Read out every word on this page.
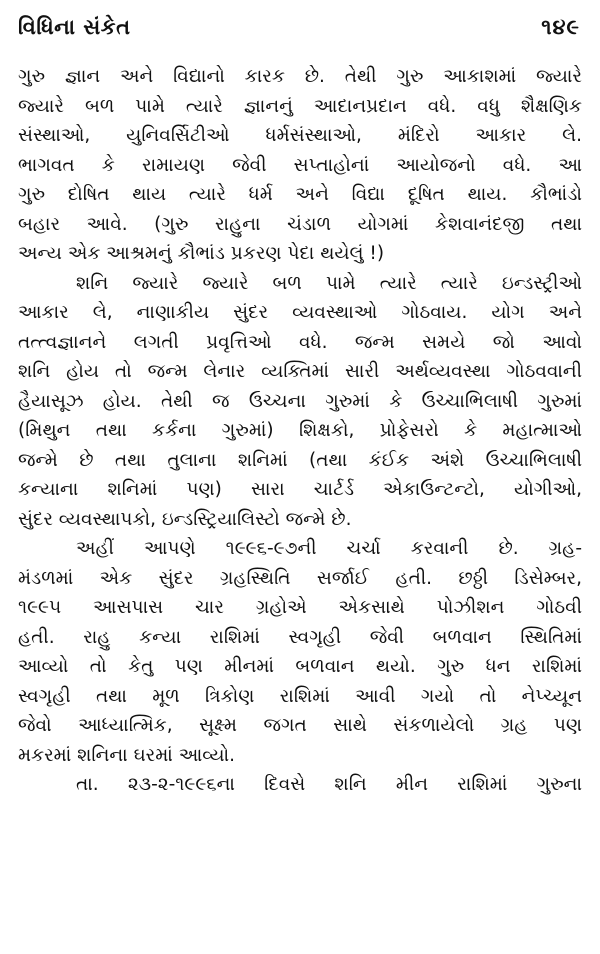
વિધિના સંકેત	૧૪૯
ગુરુ જ્ઞાન અને વિદ્યાનો કારક છે. તેથી ગુરુ આકાશમાં જ્યારે
જ્યારે બળ પામે ત્યારે જ્ઞાનનું આદાનપ્રદાન વધે. વધુ શૈક્ષણિક
સંસ્થાઓ, યુનિવર્સિટીઓ ધર્મસંસ્થાઓ, મંદિરો આકાર લે.
ભાગવત કે રામાયણ જેવી સપ્તાહોનાં આયોજનો વધે. આ
ગુરુ દોષિત થાય ત્યારે ધર્મ અને વિદ્યા દૂષિત થાય. કૌભાંડો
બહાર આવે. (ગુરુ રાહુના ચંડાળ યોગમાં કેશવાનંદજી તથા
અન્ય એક આશ્રમનું કૌભાંડ પ્રકરણ પેદા થયેલું !)
શનિ જ્યારે જ્યારે બળ પામે ત્યારે ત્યારે ઇન્ડસ્ટ્રીઓ
આકાર લે, નાણાકીય સુંદર વ્યવસ્થાઓ ગોઠવાય. યોગ અને
તત્ત્વજ્ઞાનને લગતી પ્રવૃત્તિઓ વધે. જન્મ સમયે જો આવો
શનિ હોય તો જન્મ લેનાર વ્યક્તિમાં સારી અર્થવ્યવસ્થા ગોઠવવાની
હૈયાસૂઝ હોય. તેથી જ ઉચ્ચના ગુરુમાં કે ઉચ્ચાભિલાષી ગુરુમાં
(મિથુન તથા કર્કના ગુરુમાં) શિક્ષકો, પ્રોફેસરો કે મહાત્માઓ
જન્મે છે તથા તુલાના શનિમાં (તથા કંઈક અંશે ઉચ્ચાભિલાષી
કન્યાના શનિમાં પણ) સારા ચાર્ટર્ડ એકાઉન્ટન્ટો, યોગીઓ,
સુંદર વ્યવસ્થાપકો, ઇન્ડસ્ટ્રિયાલિસ્ટો જન્મે છે.
અહીં આપણે ૧૯૯૬-૯૭ની ચર્ચા કરવાની છે. ગ્રહ-
મંડળમાં એક સુંદર ગ્રહસ્થિતિ સર્જાઈ હતી. છઠ્ઠી ડિસેમ્બર,
૧૯૯૫ આસપાસ ચાર ગ્રહોએ એકસાથે પોઝીશન ગોઠવી
હતી. રાહુ કન્યા રાશિમાં સ્વગૃહી જેવી બળવાન સ્થિતિમાં
આવ્યો તો કેતુ પણ મીનમાં બળવાન થયો. ગુરુ ધન રાશિમાં
સ્વગૃહી તથા મૂળ ત્રિકોણ રાશિમાં આવી ગયો તો નેપ્ચ્યૂન
જેવો આધ્યાત્મિક, સૂક્ષ્મ જગત સાથે સંકળાયેલો ગ્રહ પણ
મકરમાં શનિના ઘરમાં આવ્યો.
તા. ૨૩-૨-૧૯૯૬ના દિવસે શનિ મીન રાશિમાં ગુરુના
